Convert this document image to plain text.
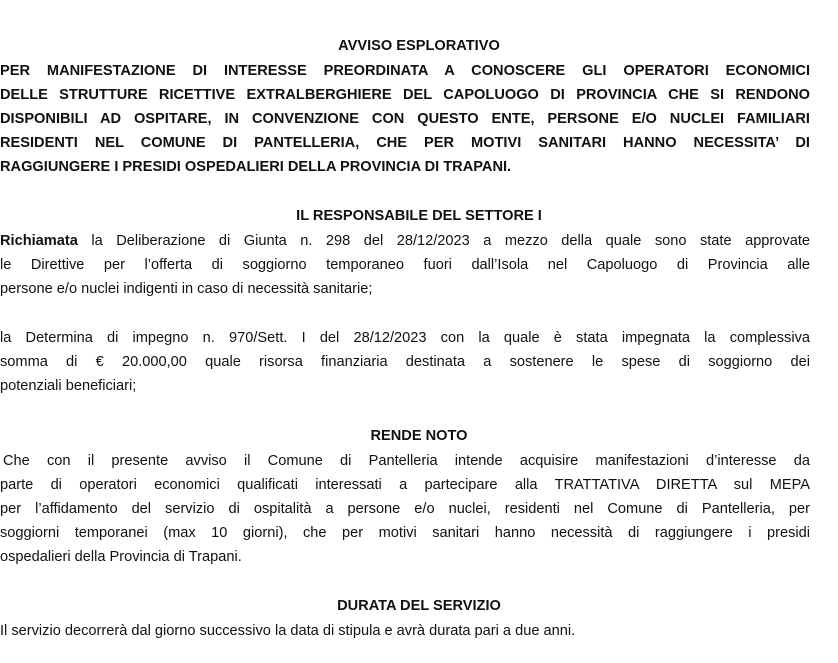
AVVISO ESPLORATIVO
PER MANIFESTAZIONE DI INTERESSE PREORDINATA A CONOSCERE GLI OPERATORI ECONOMICI
DELLE STRUTTURE RICETTIVE EXTRALBERGHIERE DEL CAPOLUOGO DI PROVINCIA CHE SI RENDONO
DISPONIBILI AD OSPITARE, IN CONVENZIONE CON QUESTO ENTE, PERSONE E/O NUCLEI FAMILIARI
RESIDENTI NEL COMUNE DI PANTELLERIA, CHE PER MOTIVI SANITARI HANNO NECESSITA’ DI
RAGGIUNGERE I PRESIDI OSPEDALIERI DELLA PROVINCIA DI TRAPANI.
IL RESPONSABILE DEL SETTORE I
Richiamata la Deliberazione di Giunta n. 298 del 28/12/2023 a mezzo della quale sono state approvate
le Direttive per l’offerta di soggiorno temporaneo fuori dall’Isola nel Capoluogo di Provincia alle
persone e/o nuclei indigenti in caso di necessità sanitarie;
la Determina di impegno n. 970/Sett. I del 28/12/2023 con la quale è stata impegnata la complessiva
somma di € 20.000,00 quale risorsa finanziaria destinata a sostenere le spese di soggiorno dei
potenziali beneficiari;
RENDE NOTO
Che con il presente avviso il Comune di Pantelleria intende acquisire manifestazioni d’interesse da
parte di operatori economici qualificati interessati a partecipare alla TRATTATIVA DIRETTA sul MEPA
per l’affidamento del servizio di ospitalità a persone e/o nuclei, residenti nel Comune di Pantelleria, per
soggiorni temporanei (max 10 giorni), che per motivi sanitari hanno necessità di raggiungere i presidi
ospedalieri della Provincia di Trapani.
DURATA DEL SERVIZIO
Il servizio decorrerà dal giorno successivo la data di stipula e avrà durata pari a due anni.
